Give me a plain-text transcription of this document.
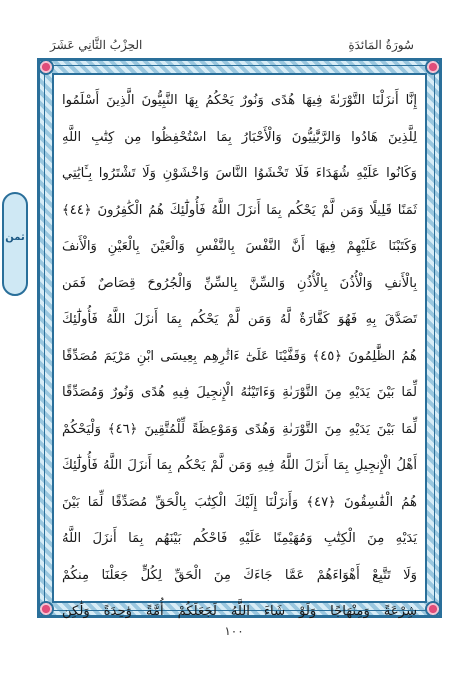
سُورَةُ المَائدَةِ
الحِزْبُ الثَّانِي عَشَرَ
ثمن
إِنَّا أَنزَلْنَا التَّوْرَىٰةَ فِيهَا هُدًى وَنُورٌ يَحْكُمُ بِهَا النَّبِيُّونَ الَّذِينَ أَسْلَمُوا
لِلَّذِينَ هَادُوا وَالرَّبَّٰنِيُّونَ وَالْأَحْبَارُ بِمَا اسْتُحْفِظُوا مِن كِتَٰبِ اللَّهِ
وَكَانُوا عَلَيْهِ شُهَدَاءَ فَلَا تَخْشَوُا النَّاسَ وَاخْشَوْنِ وَلَا تَشْتَرُوا بِـَٔايَٰتِي
ثَمَنًا قَلِيلًا وَمَن لَّمْ يَحْكُم بِمَا أَنزَلَ اللَّهُ فَأُولَٰٓئِكَ هُمُ الْكَٰفِرُونَ ﴿٤٤﴾
وَكَتَبْنَا عَلَيْهِمْ فِيهَا أَنَّ النَّفْسَ بِالنَّفْسِ وَالْعَيْنَ بِالْعَيْنِ وَالْأَنفَ
بِالْأَنفِ وَالْأُذُنَ بِالْأُذُنِ وَالسِّنَّ بِالسِّنِّ وَالْجُرُوحَ قِصَاصٌ فَمَن
تَصَدَّقَ بِهِ فَهُوَ كَفَّارَةٌ لَّهُ وَمَن لَّمْ يَحْكُم بِمَا أَنزَلَ اللَّهُ فَأُولَٰٓئِكَ
هُمُ الظَّٰلِمُونَ ﴿٤٥﴾ وَقَفَّيْنَا عَلَىٰٓ ءَاثَٰرِهِم بِعِيسَى ابْنِ مَرْيَمَ مُصَدِّقًا
لِّمَا بَيْنَ يَدَيْهِ مِنَ التَّوْرَىٰةِ وَءَاتَيْنَٰهُ الْإِنجِيلَ فِيهِ هُدًى وَنُورٌ وَمُصَدِّقًا
لِّمَا بَيْنَ يَدَيْهِ مِنَ التَّوْرَىٰةِ وَهُدًى وَمَوْعِظَةً لِّلْمُتَّقِينَ ﴿٤٦﴾ وَلْيَحْكُمْ
أَهْلُ الْإِنجِيلِ بِمَا أَنزَلَ اللَّهُ فِيهِ وَمَن لَّمْ يَحْكُم بِمَا أَنزَلَ اللَّهُ فَأُولَٰٓئِكَ
هُمُ الْفَٰسِقُونَ ﴿٤٧﴾ وَأَنزَلْنَا إِلَيْكَ الْكِتَٰبَ بِالْحَقِّ مُصَدِّقًا لِّمَا بَيْنَ
يَدَيْهِ مِنَ الْكِتَٰبِ وَمُهَيْمِنًا عَلَيْهِ فَاحْكُم بَيْنَهُم بِمَا أَنزَلَ اللَّهُ
وَلَا تَتَّبِعْ أَهْوَاءَهُمْ عَمَّا جَاءَكَ مِنَ الْحَقِّ لِكُلٍّ جَعَلْنَا مِنكُمْ
شِرْعَةً وَمِنْهَاجًا وَلَوْ شَاءَ اللَّهُ لَجَعَلَكُمْ أُمَّةً وَٰحِدَةً وَلَٰكِن
١٠٠
